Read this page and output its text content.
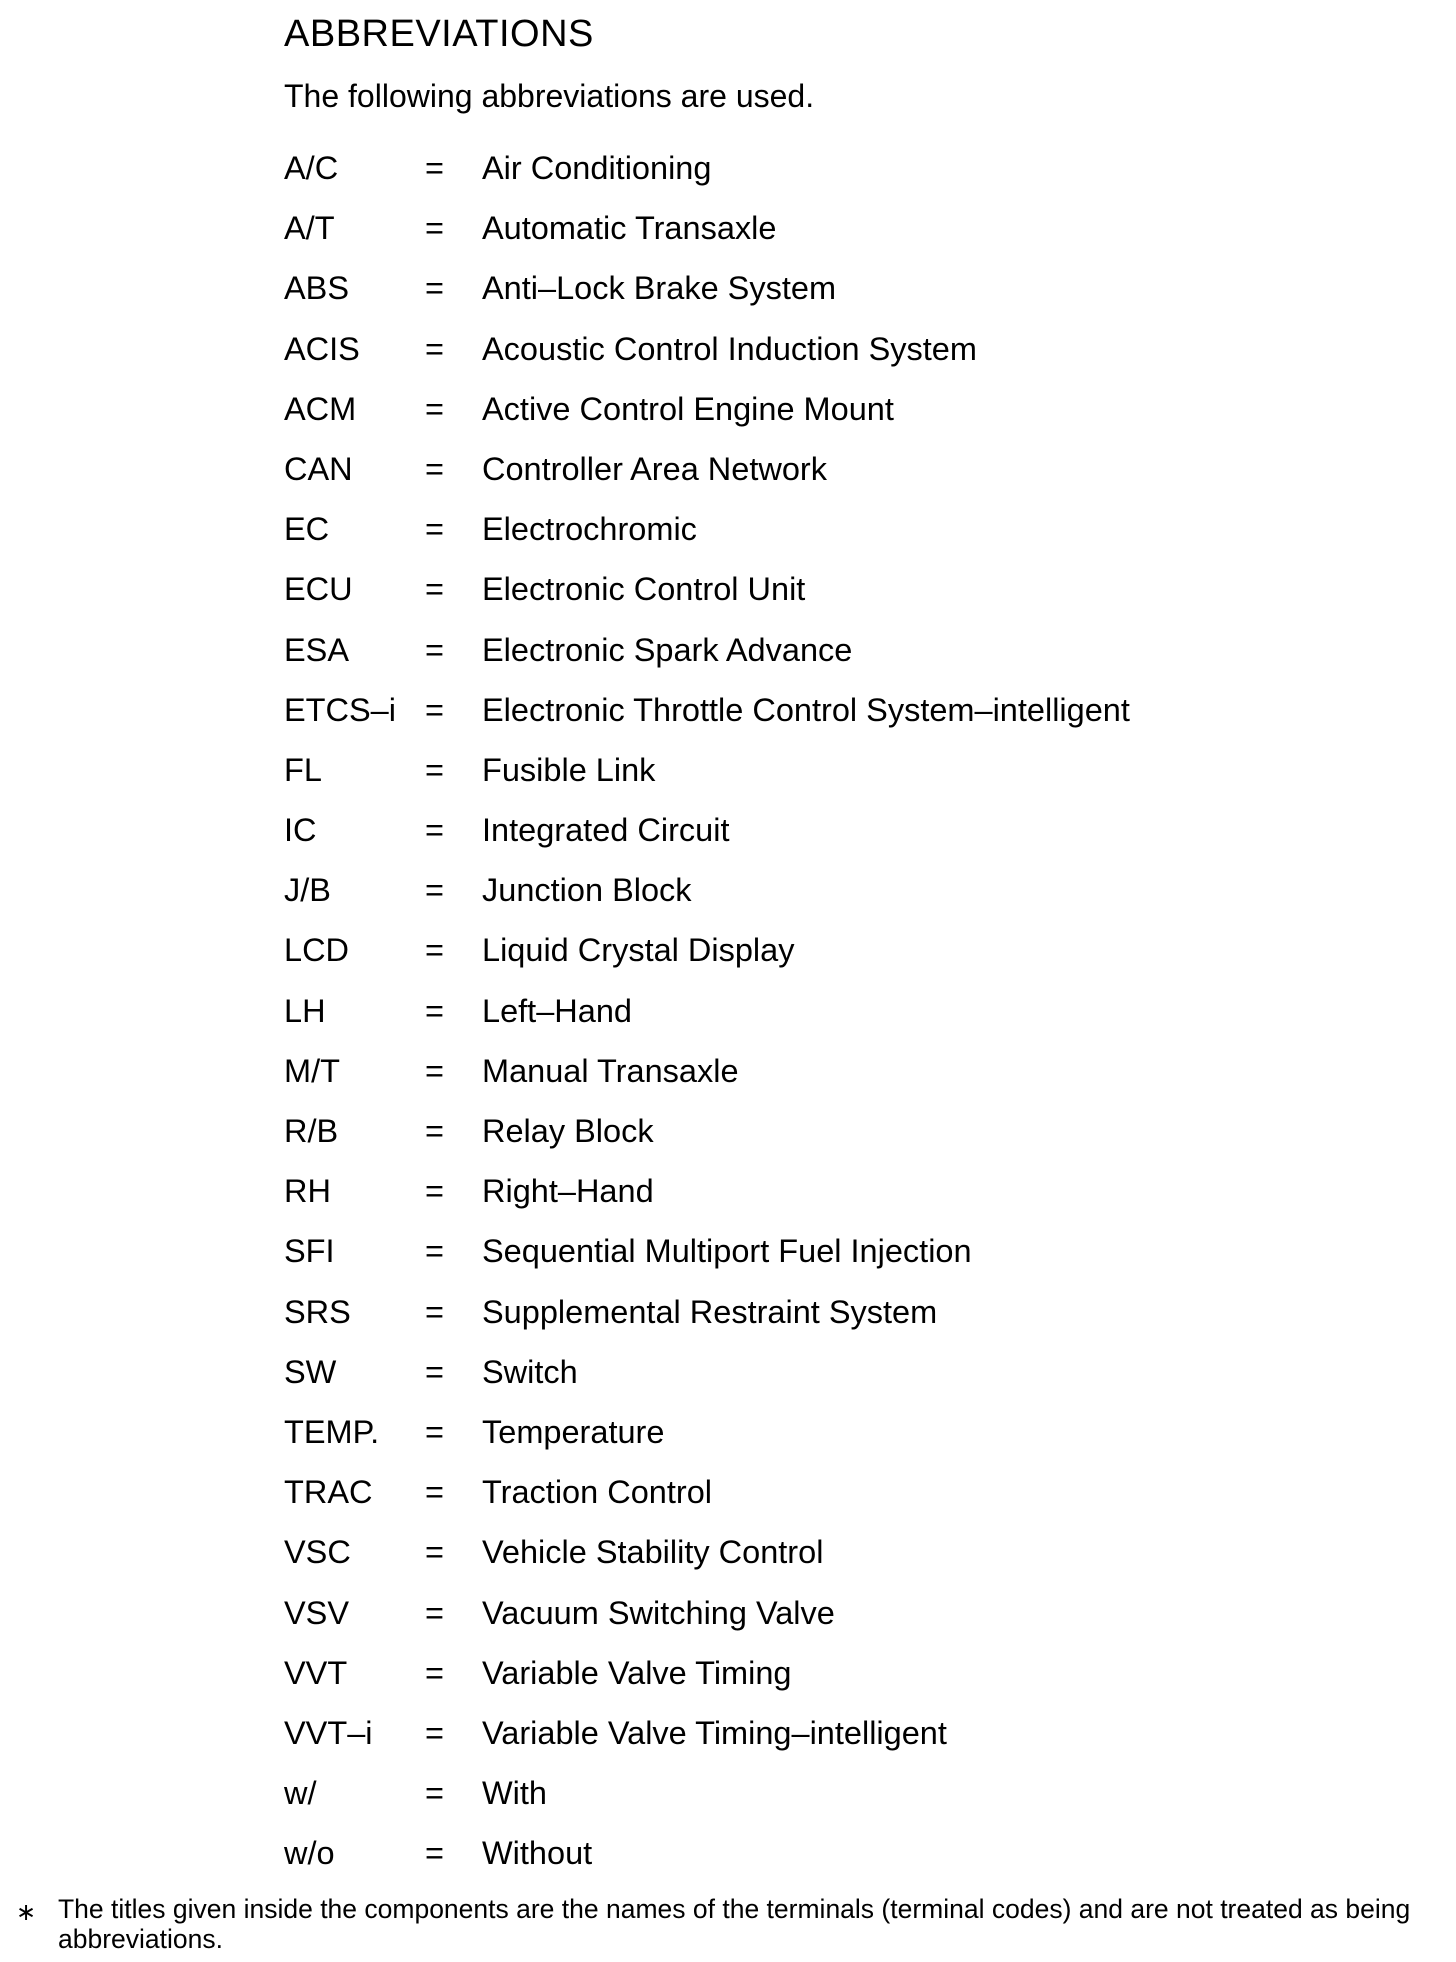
ABBREVIATIONS
The following abbreviations are used.
A/C	= Air Conditioning
A/T	= Automatic Transaxle
ABS = Anti–Lock Brake System
ACIS = Acoustic Control Induction System
ACM = Active Control Engine Mount
CAN = Controller Area Network
EC	= Electrochromic
ECU = Electronic Control Unit
ESA = Electronic Spark Advance
ETCS–i = Electronic Throttle Control System–intelligent
FL	= Fusible Link
IC	= Integrated Circuit
J/B	= Junction Block
LCD = Liquid Crystal Display
LH	= Left–Hand
M/T	= Manual Transaxle
R/B	= Relay Block
RH	= Right–Hand
SFI	= Sequential Multiport Fuel Injection
SRS = Supplemental Restraint System
SW	= Switch
TEMP. = Temperature
TRAC = Traction Control
VSC = Vehicle Stability Control
VSV = Vacuum Switching Valve
VVT = Variable Valve Timing
VVT–i = Variable Valve Timing–intelligent
w/	= With
w/o	= Without
∗ The titles given inside the components are the names of the terminals (terminal codes) and are not treated as being abbreviations.
